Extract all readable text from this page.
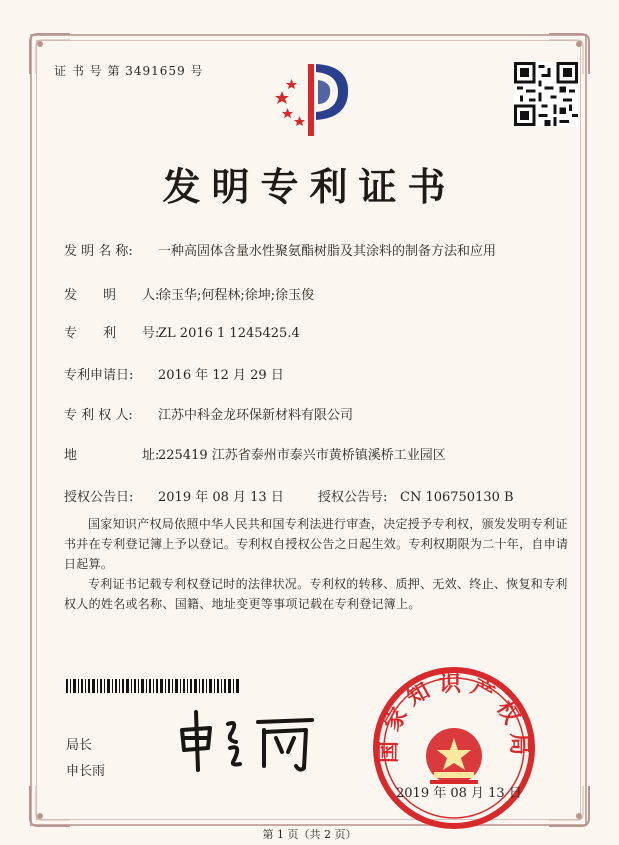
证 书 号 第 3491659 号
发明专利证书
发 明 名 称: 一种高固体含量水性聚氨酯树脂及其涂料的制备方法和应用
发　　明　　人:徐玉华;何程林;徐坤;徐玉俊
专　　利　　号:ZL 2016 1 1245425.4
专利申请日: 2016 年 12 月 29 日
专 利 权 人: 江苏中科金龙环保新材料有限公司
地　　　　　址:225419 江苏省泰州市泰兴市黄桥镇溪桥工业园区
授权公告日: 2019 年 08 月 13 日	授权公告号: CN 106750130 B
国家知识产权局依照中华人民共和国专利法进行审查，决定授予专利权，颁发发明专利证书并在专利登记簿上予以登记。专利权自授权公告之日起生效。专利权期限为二十年，自申请日起算。
专利证书记载专利权登记时的法律状况。专利权的转移、质押、无效、终止、恢复和专利权人的姓名或名称、国籍、地址变更等事项记载在专利登记簿上。
局长
申长雨
国家知识产权局
2019 年 08 月 13 日
第 1 页（共 2 页）
